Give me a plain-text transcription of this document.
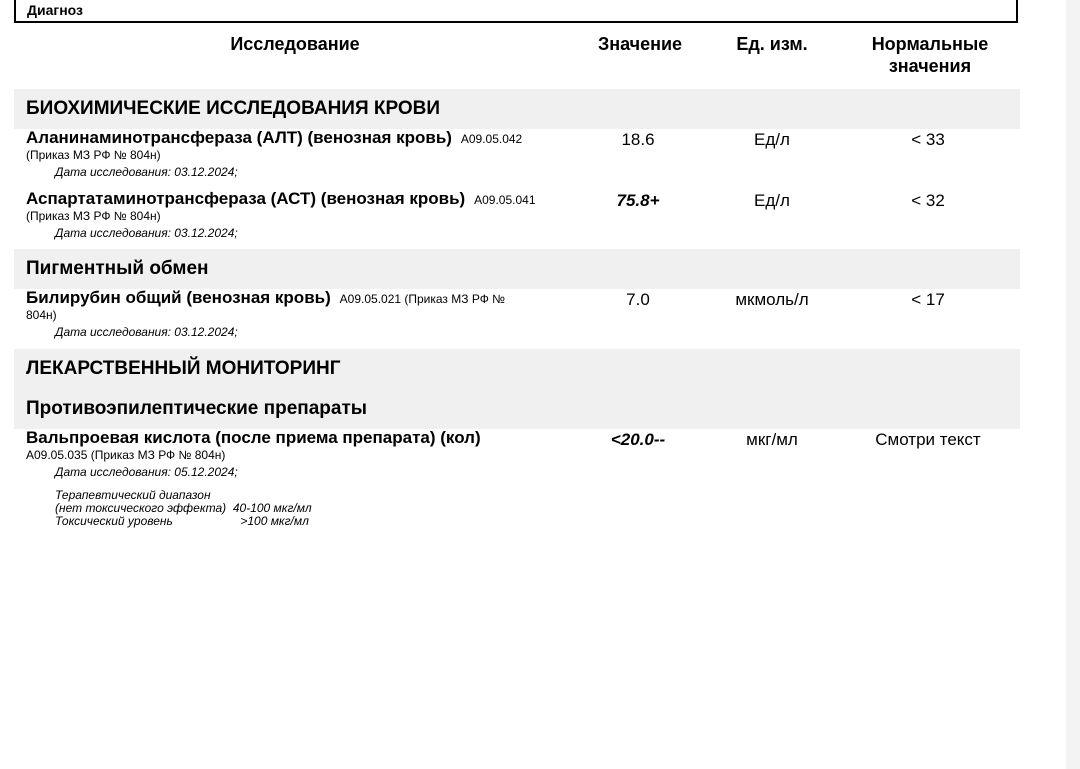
Диагноз
Исследование	Значение	Ед. изм.	Нормальные
значения
БИОХИМИЧЕСКИЕ ИССЛЕДОВАНИЯ КРОВИ
Аланинаминотрансфераза (АЛТ) (венозная кровь) A09.05.042
(Приказ МЗ РФ № 804н)
Дата исследования: 03.12.2024;
18.6	Ед/л	< 33
Аспартатаминотрансфераза (АСТ) (венозная кровь) A09.05.041
(Приказ МЗ РФ № 804н)
Дата исследования: 03.12.2024;
75.8+	Ед/л	< 32
Пигментный обмен
Билирубин общий (венозная кровь) A09.05.021 (Приказ МЗ РФ №
804н)
Дата исследования: 03.12.2024;
7.0	мкмоль/л	< 17
ЛЕКАРСТВЕННЫЙ МОНИТОРИНГ
Противоэпилептические препараты
Вальпроевая кислота (после приема препарата) (кол)
A09.05.035 (Приказ МЗ РФ № 804н)
Дата исследования: 05.12.2024;
<20.0--	мкг/мл	Смотри текст
Терапевтический диапазон
(нет токсического эффекта) 40-100 мкг/мл
Токсический уровень	>100 мкг/мл
